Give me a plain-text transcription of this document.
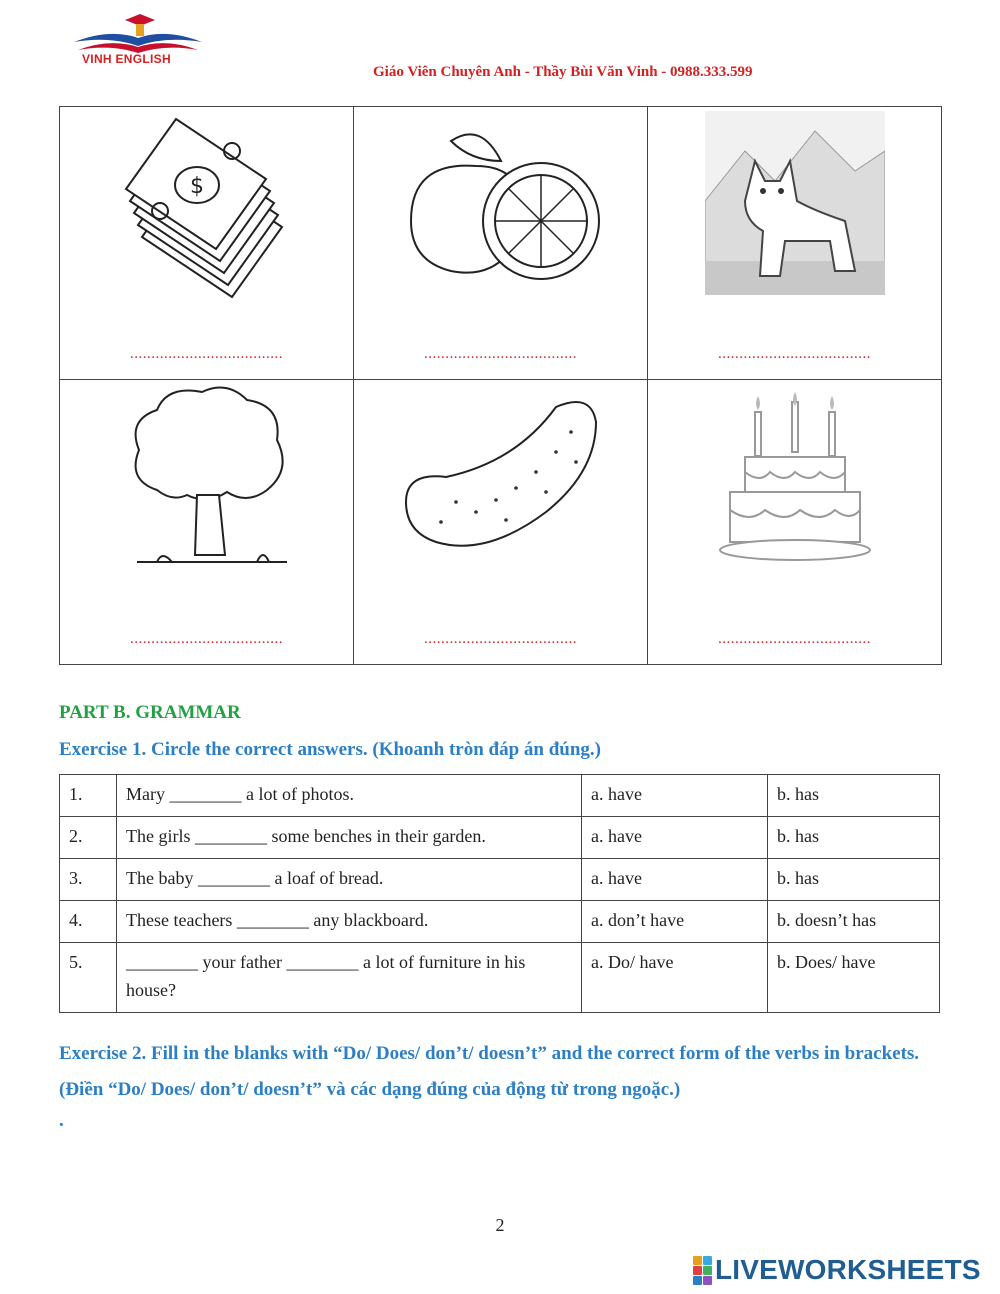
VINH ENGLISH
Giáo Viên Chuyên Anh - Thầy Bùi Văn Vinh - 0988.333.599
$
....................................	....................................	....................................

....................................	....................................	....................................
PART B. GRAMMAR
Exercise 1. Circle the correct answers. (Khoanh tròn đáp án đúng.)
1.	Mary ________ a lot of photos.	a. have	b. has
2.	The girls ________ some benches in their garden.	a. have	b. has
3.	The baby ________ a loaf of bread.	a. have	b. has
4.	These teachers ________ any blackboard.	a. don’t have	b. doesn’t has
5.	________ your father ________ a lot of furniture in his house?	a. Do/ have	b. Does/ have
Exercise 2. Fill in the blanks with “Do/ Does/ don’t/ doesn’t” and the correct form of the verbs in brackets. (Điền “Do/ Does/ don’t/ doesn’t” và các dạng đúng của động từ trong ngoặc.)
.
2
LIVEWORKSHEETS
